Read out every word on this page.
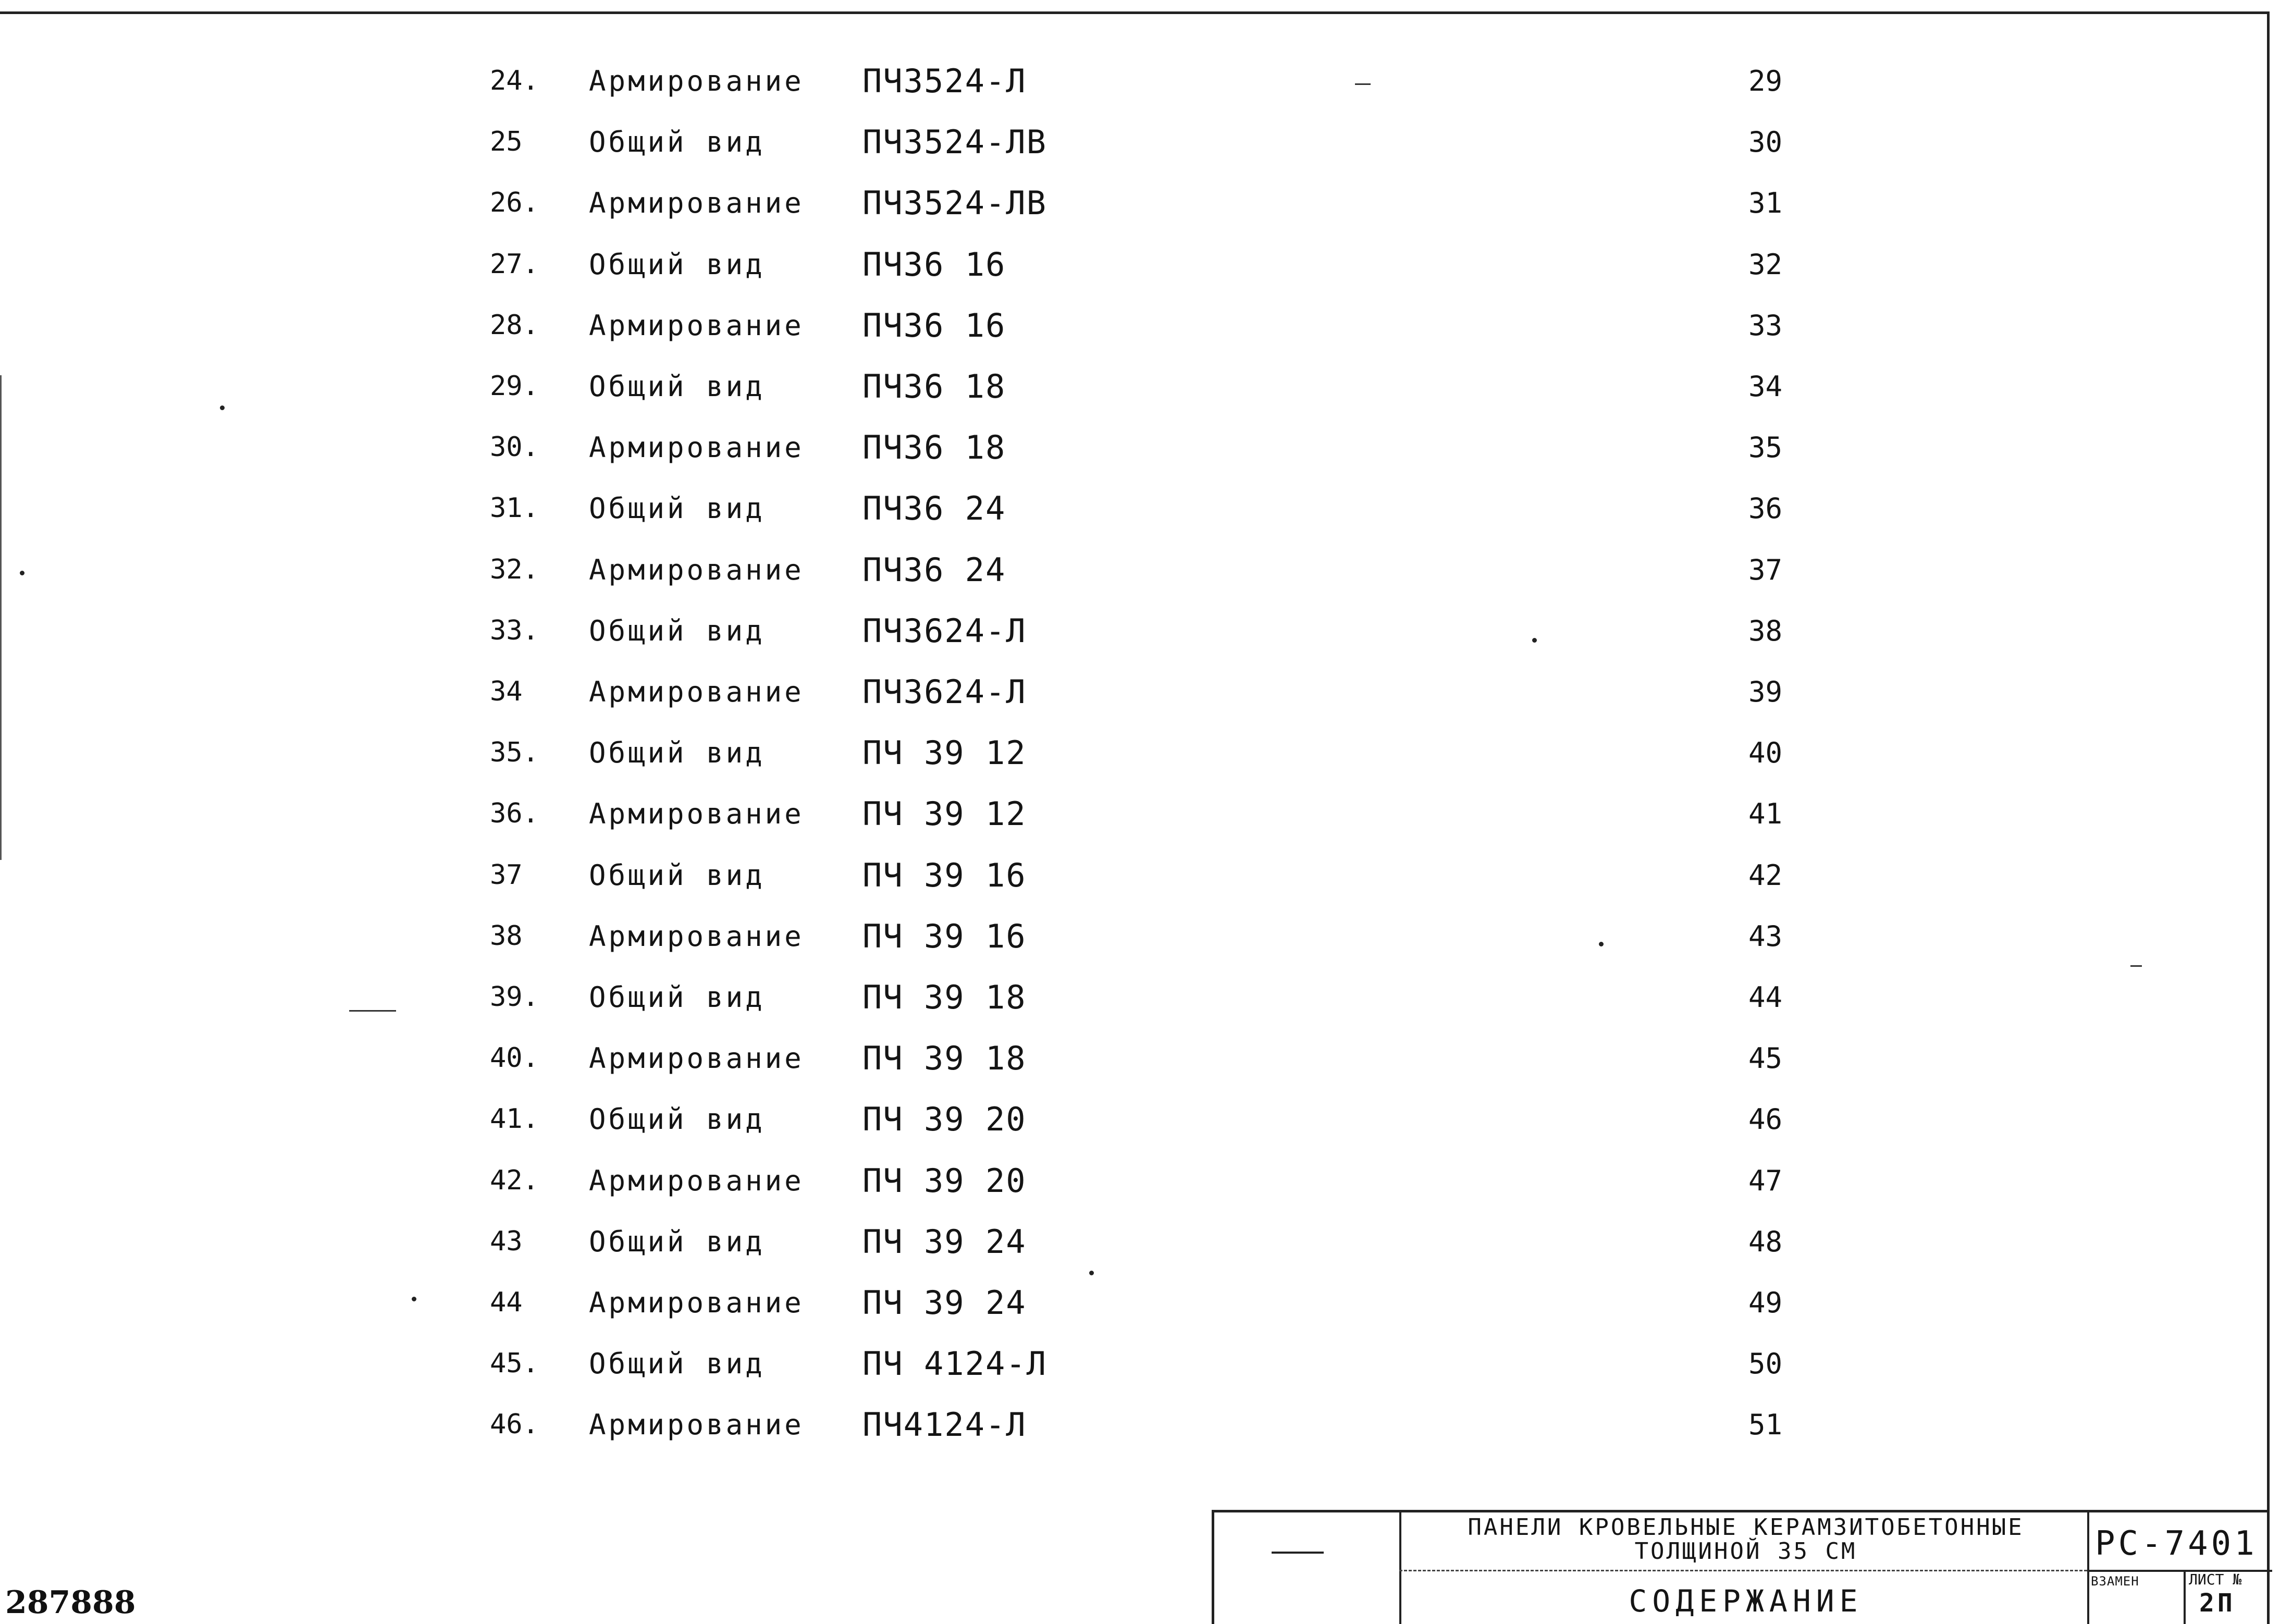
24.	Армирование	ПЧ3524-Л	29
25	Общий вид	ПЧ3524-ЛВ	30
26.	Армирование	ПЧ3524-ЛВ	31
27.	Общий вид	ПЧ36 16	32
28.	Армирование	ПЧ36 16	33
29.	Общий вид	ПЧ36 18	34
30.	Армирование	ПЧ36 18	35
31.	Общий вид	ПЧ36 24	36
32.	Армирование	ПЧ36 24	37
33.	Общий вид	ПЧ3624-Л	38
34	Армирование	ПЧ3624-Л	39
35.	Общий вид	ПЧ 39 12	40
36.	Армирование	ПЧ 39 12	41
37	Общий вид	ПЧ 39 16	42
38	Армирование	ПЧ 39 16	43
39.	Общий вид	ПЧ 39 18	44
40.	Армирование	ПЧ 39 18	45
41.	Общий вид	ПЧ 39 20	46
42.	Армирование	ПЧ 39 20	47
43	Общий вид	ПЧ 39 24	48
44	Армирование	ПЧ 39 24	49
45.	Общий вид	ПЧ 4124-Л	50
46.	Армирование	ПЧ4124-Л	51
287888
ПАНЕЛИ КРОВЕЛЬНЫЕ КЕРАМЗИТОБЕТОННЫЕ
ТОЛЩИНОЙ 35 СМ	РС-7401
ВЗАМЕН	ЛИСТ №
2П
СОДЕРЖАНИЕ
